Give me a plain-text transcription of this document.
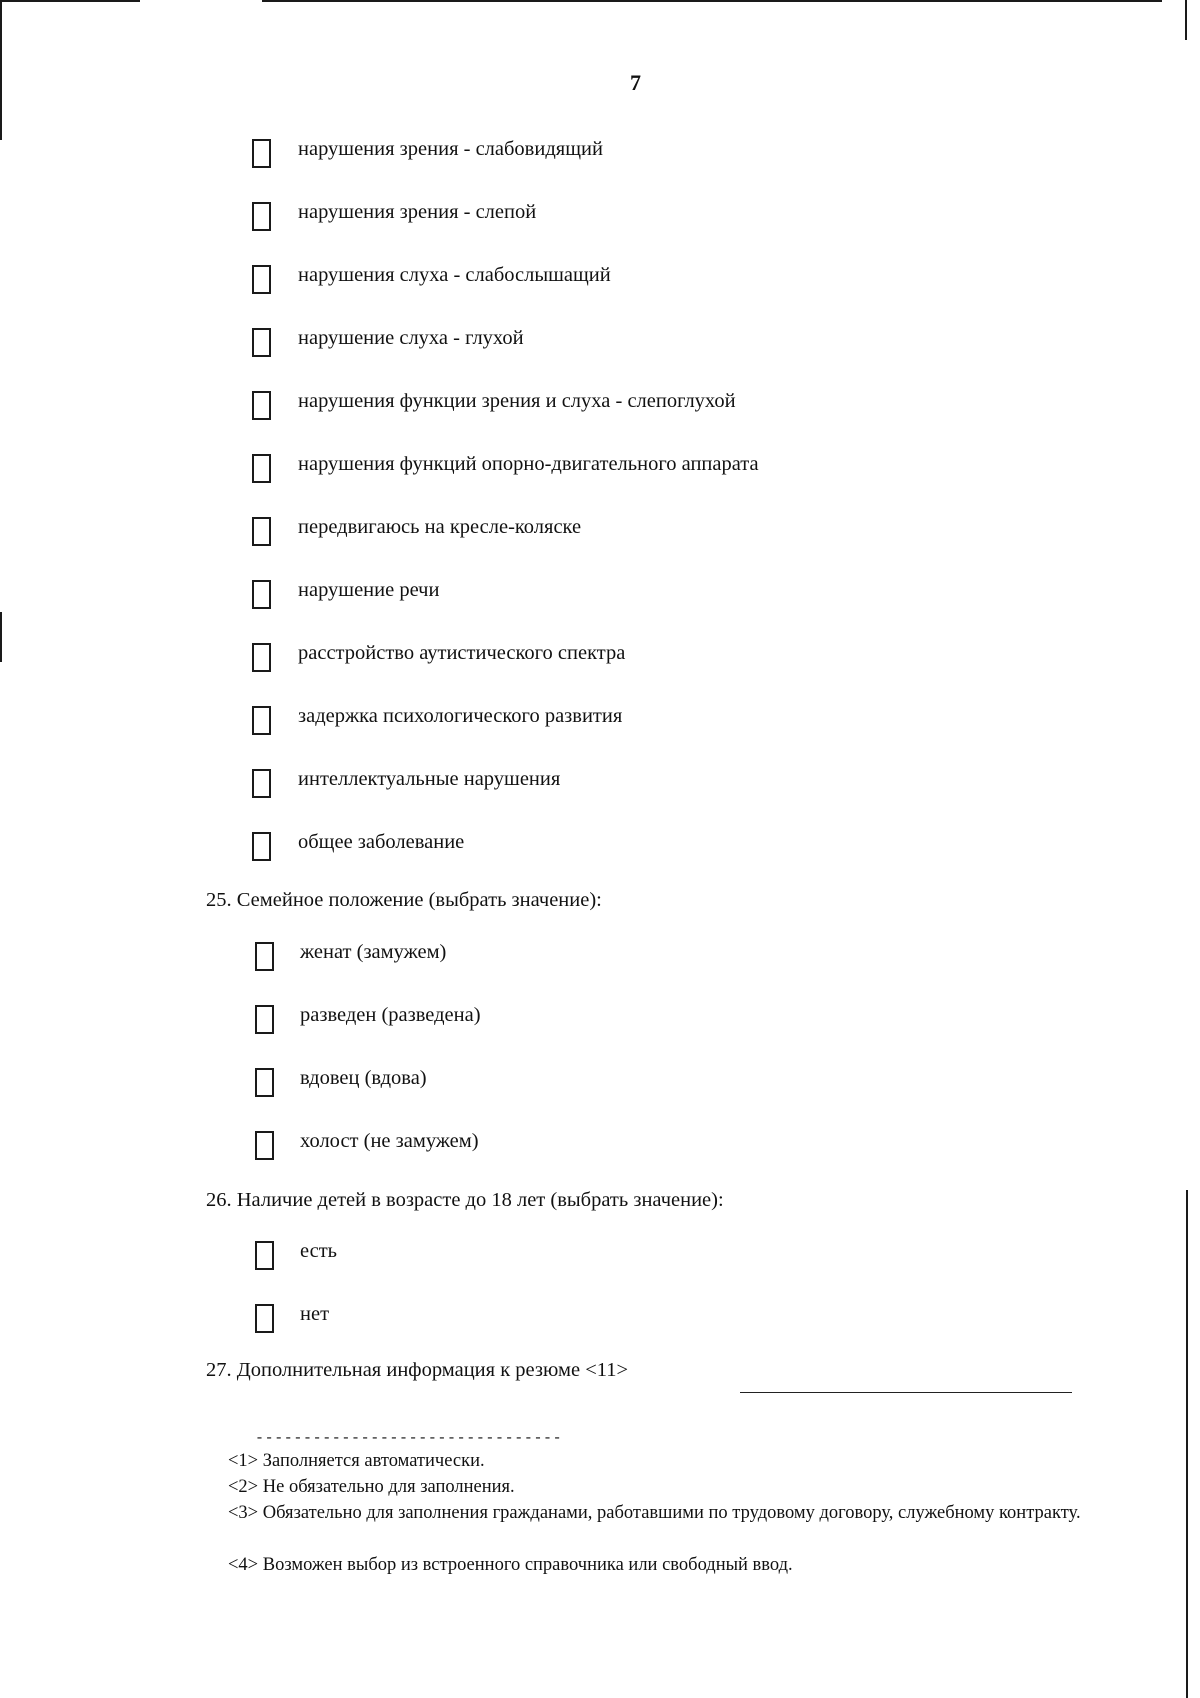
7
нарушения зрения - слабовидящий
нарушения зрения - слепой
нарушения слуха - слабослышащий
нарушение слуха - глухой
нарушения функции зрения и слуха - слепоглухой
нарушения функций опорно-двигательного аппарата
передвигаюсь на кресле-коляске
нарушение речи
расстройство аутистического спектра
задержка психологического развития
интеллектуальные нарушения
общее заболевание
25. Семейное положение (выбрать значение):
женат (замужем)
разведен (разведена)
вдовец (вдова)
холост (не замужем)
26. Наличие детей в возрасте до 18 лет (выбрать значение):
есть
нет
27. Дополнительная информация к резюме <11>
--------------------------------
<1> Заполняется автоматически.
<2> Не обязательно для заполнения.
<3> Обязательно для заполнения гражданами, работавшими по трудовому договору, служебному контракту.
<4> Возможен выбор из встроенного справочника или свободный ввод.
